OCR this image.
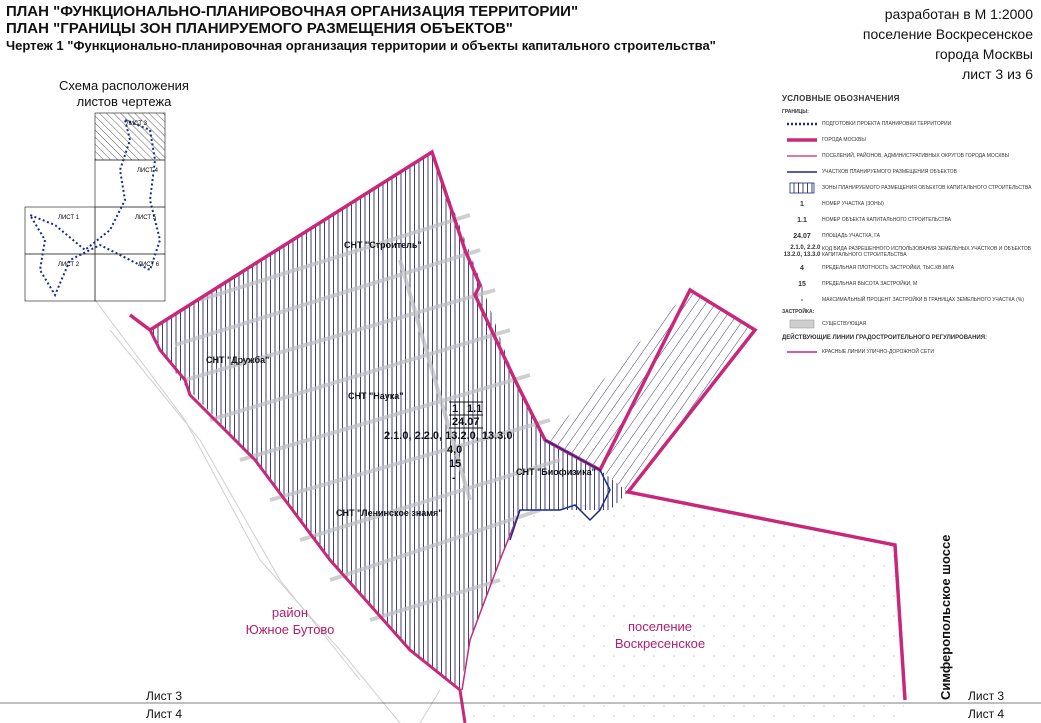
ПЛАН "ФУНКЦИОНАЛЬНО-ПЛАНИРОВОЧНАЯ ОРГАНИЗАЦИЯ ТЕРРИТОРИИ"
ПЛАН "ГРАНИЦЫ ЗОН ПЛАНИРУЕМОГО РАЗМЕЩЕНИЯ ОБЪЕКТОВ"
Чертеж 1 "Функционально-планировочная организация территории и объекты капитального строительства"
разработан в М 1:2000
поселение Воскресенское
города Москвы
лист 3 из 6
Схема расположения
листов чертежа
ЛИСТ 3
ЛИСТ 4
ЛИСТ 1	ЛИСТ 5
ЛИСТ 2	ЛИСТ 6
СНТ "Строитель"
СНТ "Дружба"
СНТ "Наука"
СНТ "Биофизика"
СНТ "Ленинское знамя"
1 1.1
24.07
2.1.0, 2.2.0, 13.2.0, 13.3.0
4,0
15
-
район
Южное Бутово	поселение
Воскресенское	Симферопольское шоссе
Лист 3
Лист 4
Лист 3
Лист 4
УСЛОВНЫЕ ОБОЗНАЧЕНИЯ
ГРАНИЦЫ:
ПОДГОТОВКИ ПРОЕКТА ПЛАНИРОВКИ ТЕРРИТОРИИ
ГОРОДА МОСКВЫ
ПОСЕЛЕНИЙ, РАЙОНОВ, АДМИНИСТРАТИВНЫХ ОКРУГОВ ГОРОДА МОСКВЫ
УЧАСТКОВ ПЛАНИРУЕМОГО РАЗМЕЩЕНИЯ ОБЪЕКТОВ
ЗОНЫ ПЛАНИРУЕМОГО РАЗМЕЩЕНИЯ ОБЪЕКТОВ КАПИТАЛЬНОГО СТРОИТЕЛЬСТВА
1	НОМЕР УЧАСТКА (ЗОНЫ)
1.1	НОМЕР ОБЪЕКТА КАПИТАЛЬНОГО СТРОИТЕЛЬСТВА
24.07	ПЛОЩАДЬ УЧАСТКА, ГА
2.1.0, 2.2.0
13.2.0, 13.3.0
КОД ВИДА РАЗРЕШЕННОГО ИСПОЛЬЗОВАНИЯ ЗЕМЕЛЬНЫХ УЧАСТКОВ И ОБЪЕКТОВ КАПИТАЛЬНОГО СТРОИТЕЛЬСТВА
4	ПРЕДЕЛЬНАЯ ПЛОТНОСТЬ ЗАСТРОЙКИ, ТЫС.КВ.М/ГА
15	ПРЕДЕЛЬНАЯ ВЫСОТА ЗАСТРОЙКИ, М
-	МАКСИМАЛЬНЫЙ ПРОЦЕНТ ЗАСТРОЙКИ В ГРАНИЦАХ ЗЕМЕЛЬНОГО УЧАСТКА (%)
ЗАСТРОЙКА:
СУЩЕСТВУЮЩАЯ
ДЕЙСТВУЮЩИЕ ЛИНИИ ГРАДОСТРОИТЕЛЬНОГО РЕГУЛИРОВАНИЯ:
КРАСНЫЕ ЛИНИИ УЛИЧНО-ДОРОЖНОЙ СЕТИ
